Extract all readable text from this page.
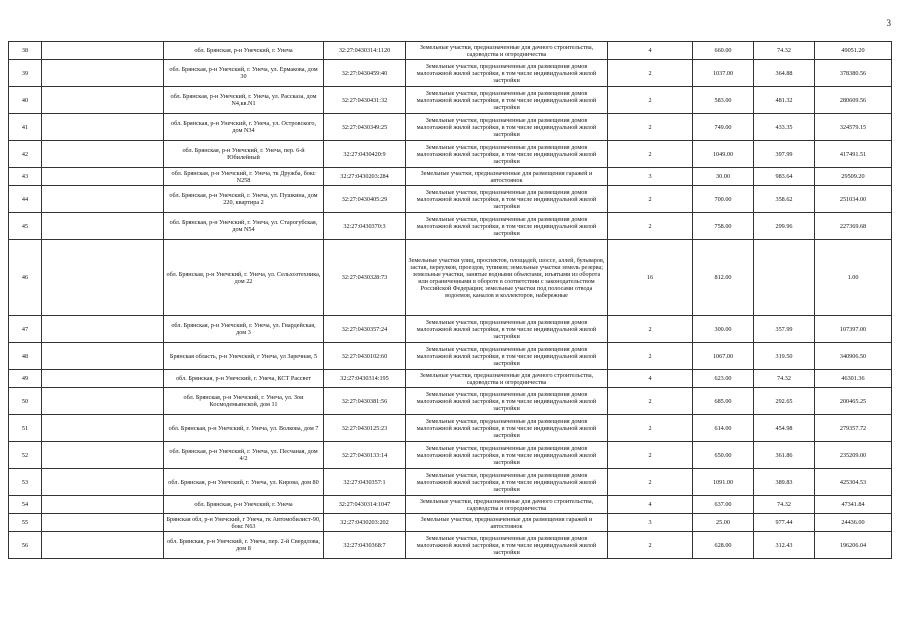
3
38		обл. Брянская, р-н Унечский, г. Унеча	32:27:0430314:1120	Земельные участки, предназначенные для дачного строительства, садоводства и огородничества	4	660.00	74.32	49051.20
39		обл. Брянская, р-н Унечский, г. Унеча, ул. Ермакова, дом 30	32:27:0430459:40	Земельные участки, предназначенные для размещения домов малоэтажной жилой застройки, в том числе индивидуальной жилой застройки	2	1037.00	364.88	378380.56
40		обл. Брянская, р-н Унечский, г. Унеча, ул. Рассказа, дом N4,кв.N1	32:27:0430431:32	Земельные участки, предназначенные для размещения домов малоэтажной жилой застройки, в том числе индивидуальной жилой застройки	2	583.00	481.32	280609.56
41		обл. Брянская, р-н Унечский, г. Унеча, ул. Островского, дом N34	32:27:0430349:25	Земельные участки, предназначенные для размещения домов малоэтажной жилой застройки, в том числе индивидуальной жилой застройки	2	749.00	433.35	324579.15
42		обл. Брянская, р-н Унечский, г. Унеча, пер. 6-й Юбилейный	32:27:0430420:9	Земельные участки, предназначенные для размещения домов малоэтажной жилой застройки, в том числе индивидуальной жилой застройки	2	1049.00	397.99	417491.51
43		обл. Брянская, р-н Унечский, г. Унеча, тк Дружба, бокс N258	32:27:0430203:284	Земельные участки, предназначенные для размещения гаражей и автостоянок	3	30.00	983.64	29509.20
44		обл. Брянская, р-н Унечский, г. Унеча, ул. Пушкина, дом 220, квартира 2	32:27:0430405:29	Земельные участки, предназначенные для размещения домов малоэтажной жилой застройки, в том числе индивидуальной жилой застройки	2	700.00	358.62	251034.00
45		обл. Брянская, р-н Унечский, г. Унеча, ул. Старогубская, дом N54	32:27:0430370:3	Земельные участки, предназначенные для размещения домов малоэтажной жилой застройки, в том числе индивидуальной жилой застройки	2	758.00	299.96	227369.68
46		обл. Брянская, р-н Унечский, г. Унеча, ул. Сельхозтехника, дом 22	32:27:0430328:73	Земельные участки улиц, проспектов, площадей, шоссе, аллей, бульваров, застав, переулков, проездов, тупиков; земельные участки земель резерва; земельные участки, занятые водными объектами, изъятыми из оборота или ограниченными в обороте в соответствии с законодательством Российской Федерации; земельные участки под полосами отвода водоемов, каналов и коллекторов, набережные	16	812.00		1.00
47		обл. Брянская, р-н Унечский, г. Унеча, ул. Гвардейская, дом 3	32:27:0430357:24	Земельные участки, предназначенные для размещения домов малоэтажной жилой застройки, в том числе индивидуальной жилой застройки	2	300.00	357.99	107397.00
48		Брянская область, р-н Унечский, г Унеча, ул Заречная, 5	32:27:0430102:60	Земельные участки, предназначенные для размещения домов малоэтажной жилой застройки, в том числе индивидуальной жилой застройки	2	1067.00	319.50	340906.50
49		обл. Брянская, р-н Унечский, г. Унеча, КСТ Рассвет	32:27:0430314:195	Земельные участки, предназначенные для дачного строительства, садоводства и огородничества	4	623.00	74.32	46301.36
50		обл. Брянская, р-н Унечский, г. Унеча, ул. Зои Космодемьянской, дом 11	32:27:0430381:56	Земельные участки, предназначенные для размещения домов малоэтажной жилой застройки, в том числе индивидуальной жилой застройки	2	685.00	292.65	200465.25
51		обл. Брянская, р-н Унечский, г. Унеча, ул. Волкова, дом 7	32:27:0430125:23	Земельные участки, предназначенные для размещения домов малоэтажной жилой застройки, в том числе индивидуальной жилой застройки	2	614.00	454.98	279357.72
52		обл. Брянская, р-н Унечский, г. Унеча, ул. Песчаная, дом 4/2	32:27:0430133:14	Земельные участки, предназначенные для размещения домов малоэтажной жилой застройки, в том числе индивидуальной жилой застройки	2	650.00	361.86	235209.00
53		обл. Брянская, р-н Унечский, г. Унеча, ул. Кирова, дом 80	32:27:0430357:1	Земельные участки, предназначенные для размещения домов малоэтажной жилой застройки, в том числе индивидуальной жилой застройки	2	1091.00	389.83	425304.53
54		обл. Брянская, р-н Унечский, г. Унеча	32:27:0430314:1047	Земельные участки, предназначенные для дачного строительства, садоводства и огородничества	4	637.00	74.32	47341.84
55		Брянская обл, р-н Унечский, г Унеча, гк Автомобилист-90, бокс N63	32:27:0430203:202	Земельные участки, предназначенные для размещения гаражей и автостоянок	3	25.00	977.44	24436.00
56		обл. Брянская, р-н Унечский, г. Унеча, пер. 2-й Свердлова, дом 8	32:27:0430368:7	Земельные участки, предназначенные для размещения домов малоэтажной жилой застройки, в том числе индивидуальной жилой застройки	2	628.00	312.43	196206.04
